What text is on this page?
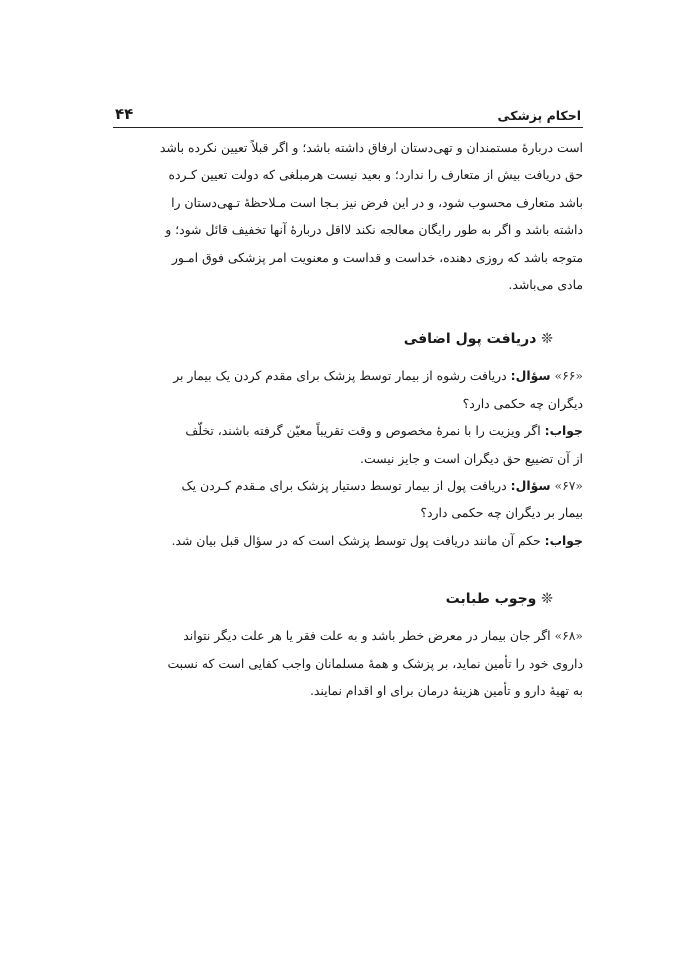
احکام پزشکی
۴۴
است دربارۀ مستمندان و تهی‌دستان ارفاق داشته باشد؛ و اگر قبلاً تعیین نکرده باشد
حق دریافت بیش از متعارف را ندارد؛ و بعید نیست هرمبلغی که دولت تعیین کـرده
باشد متعارف محسوب شود، و در این فرض نیز بـجا است مـلاحظۀ تـهی‌دستان را
داشته باشد و اگر به طور رایگان معالجه نکند لااقل دربارۀ آنها تخفیف قائل شود؛ و
متوجه باشد که روزی دهنده، خداست و قداست و معنویت امر پزشکی فوق امـور
مادی می‌باشد.
❊ دریافت پول اضافی
«۶۶» سؤال: دریافت رشوه از بیمار توسط پزشک برای مقدم کردن یک بیمار بر
دیگران چه حکمی دارد؟
جواب: اگر ویزیت را با نمرۀ مخصوص و وقت تقریباً معیّن گرفته باشند، تخلّف
از آن تضییع حق دیگران است و جایز نیست.
«۶۷» سؤال: دریافت پول از بیمار توسط دستیار پزشک برای مـقدم کـردن یک
بیمار بر دیگران چه حکمی دارد؟
جواب: حکم آن مانند دریافت پول توسط پزشک است که در سؤال قبل بیان شد.
❊ وجوب طبابت
«۶۸» اگر جان بیمار در معرض خطر باشد و به علت فقر یا هر علت دیگر نتواند
داروی خود را تأمین نماید، بر پزشک و همۀ مسلمانان واجب کفایی است که نسبت
به تهیۀ دارو و تأمین هزینۀ درمان برای او اقدام نمایند.
